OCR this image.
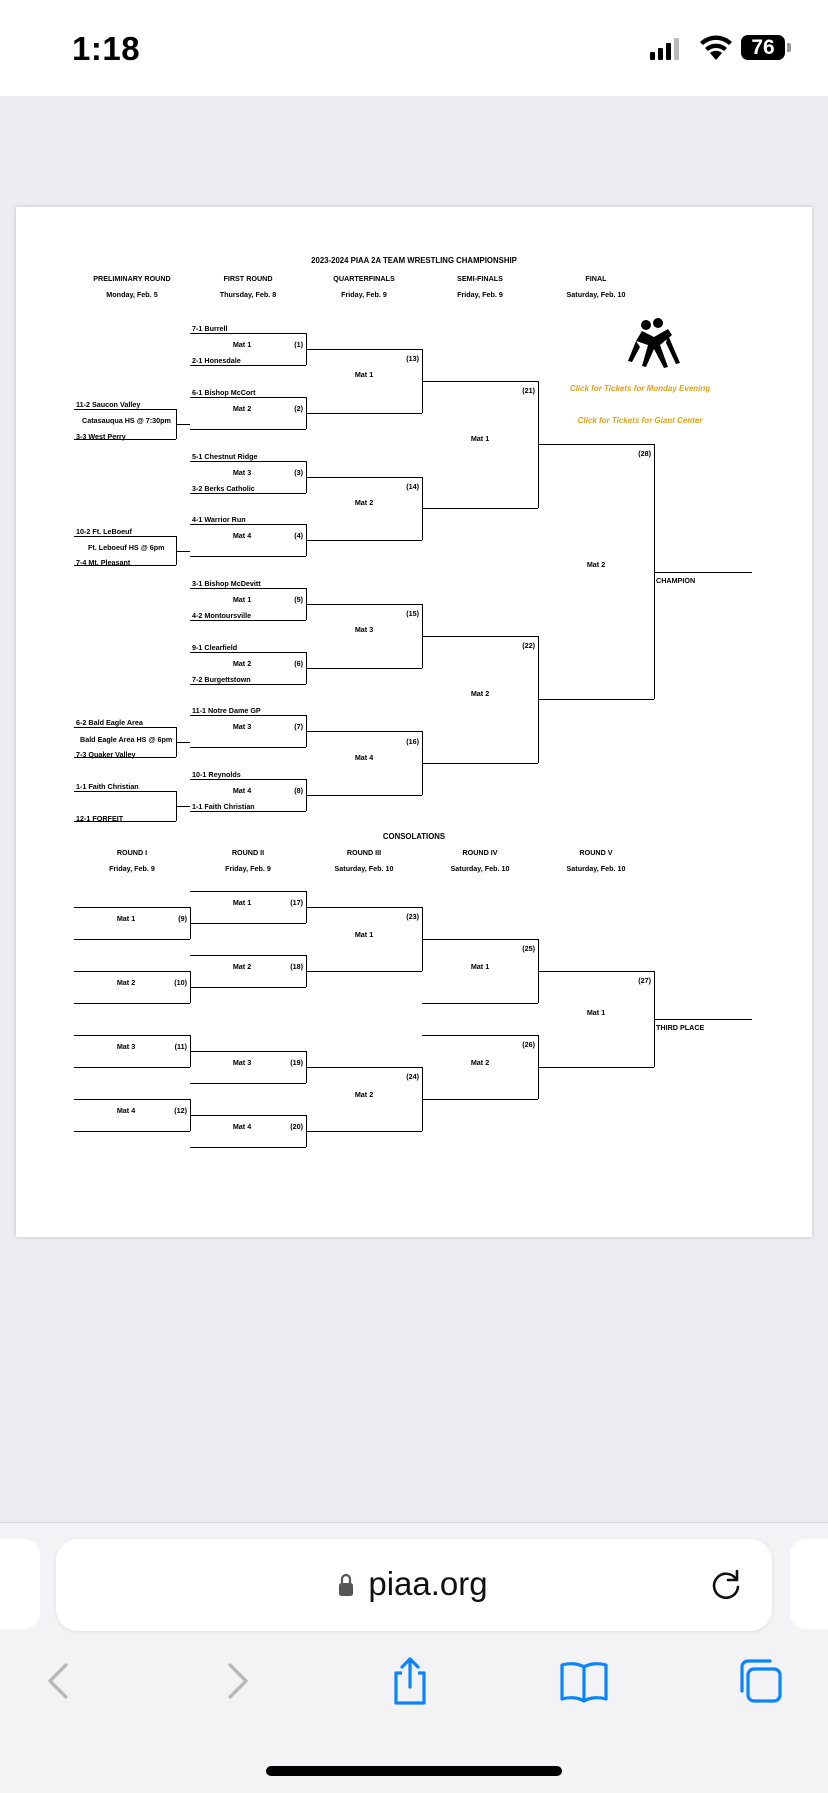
1:18	76
2023-2024 PIAA 2A TEAM WRESTLING CHAMPIONSHIP
PRELIMINARY ROUND
Monday, Feb. 5
FIRST ROUND
Thursday, Feb. 8
QUARTERFINALS
Friday, Feb. 9
SEMI-FINALS
Friday, Feb. 9
FINAL
Saturday, Feb. 10
Click for Tickets for Monday Evening
Click for Tickets for Giant Center
11-2 Saucon Valley
Catasauqua HS @ 7:30pm
3-3 West Perry
10-2 Ft. LeBoeuf
Ft. Leboeuf HS @ 6pm
7-4 Mt. Pleasant
6-2 Bald Eagle Area
Bald Eagle Area HS @ 6pm
7-3 Quaker Valley
1-1 Faith Christian
12-1 FORFEIT
7-1 Burrell
Mat 1	(1)
2-1 Honesdale
6-1 Bishop McCort
Mat 2	(2)
5-1 Chestnut Ridge
Mat 3	(3)
3-2 Berks Catholic
4-1 Warrior Run
Mat 4	(4)
3-1 Bishop McDevitt
Mat 1	(5)
4-2 Montoursville
9-1 Clearfield
Mat 2	(6)
7-2 Burgettstown
11-1 Notre Dame GP
Mat 3	(7)
10-1 Reynolds
Mat 4	(8)
1-1 Faith Christian
Mat 1
(13)
Mat 2
(14)
Mat 3
(15)
Mat 4
(16)
Mat 1
(21)
Mat 2
(22)
Mat 2
(28)
CHAMPION
CONSOLATIONS
ROUND I
Friday, Feb. 9
ROUND II
Friday, Feb. 9
ROUND III
Saturday, Feb. 10
ROUND IV
Saturday, Feb. 10
ROUND V
Saturday, Feb. 10
Mat 1	(9)
Mat 2	(10)
Mat 3	(11)
Mat 4	(12)
Mat 1	(17)
Mat 2	(18)
Mat 3	(19)
Mat 4	(20)
Mat 1
(23)
Mat 2
(24)
Mat 1
(25)
Mat 2
(26)
Mat 1
(27)
THIRD PLACE
piaa.org
